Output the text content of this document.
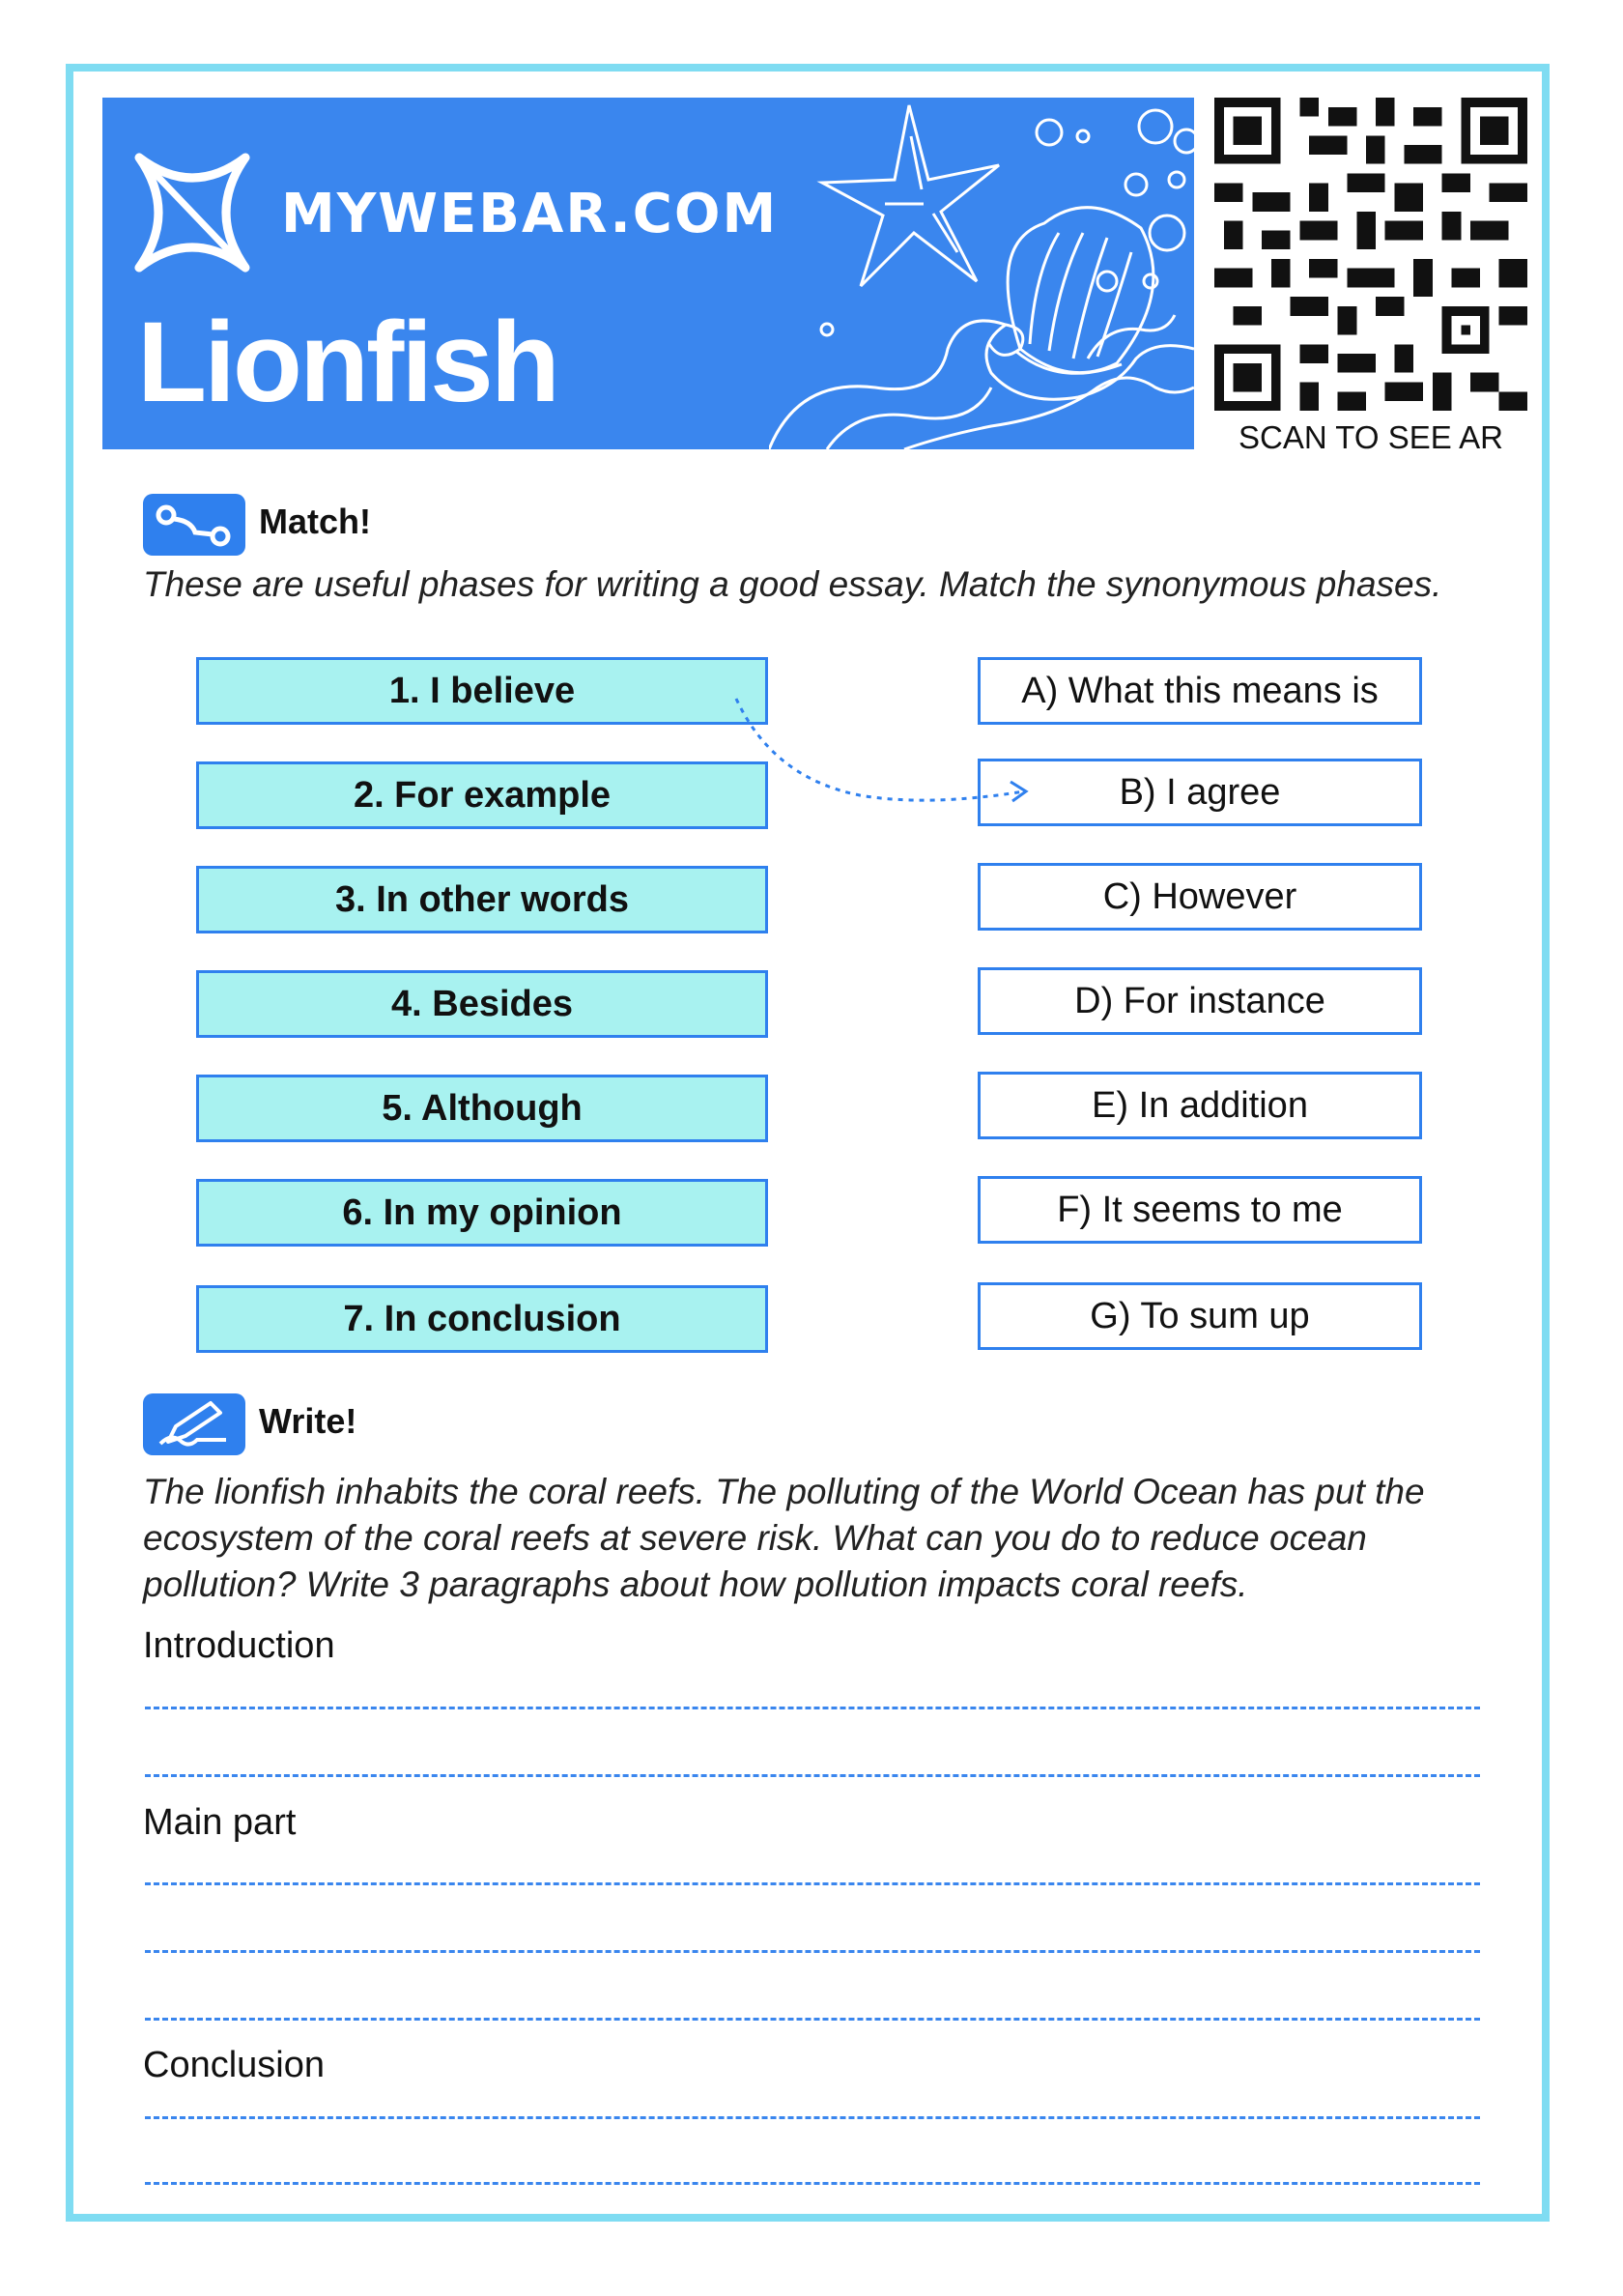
MYWEBAR.COM
Lionfish
SCAN TO SEE AR
Match!
These are useful phases for writing a good essay. Match the synonymous phases.
1. I believe
2. For example
3. In other words
4. Besides
5. Although
6. In my opinion
7. In conclusion
A) What this means is
B) I agree
C) However
D) For instance
E) In addition
F) It seems to me
G) To sum up
Write!
The lionfish inhabits the coral reefs. The polluting of the World Ocean has put the ecosystem of the coral reefs at severe risk. What can you do to reduce ocean pollution? Write 3 paragraphs about how pollution impacts coral reefs.
Introduction
Main part
Conclusion
